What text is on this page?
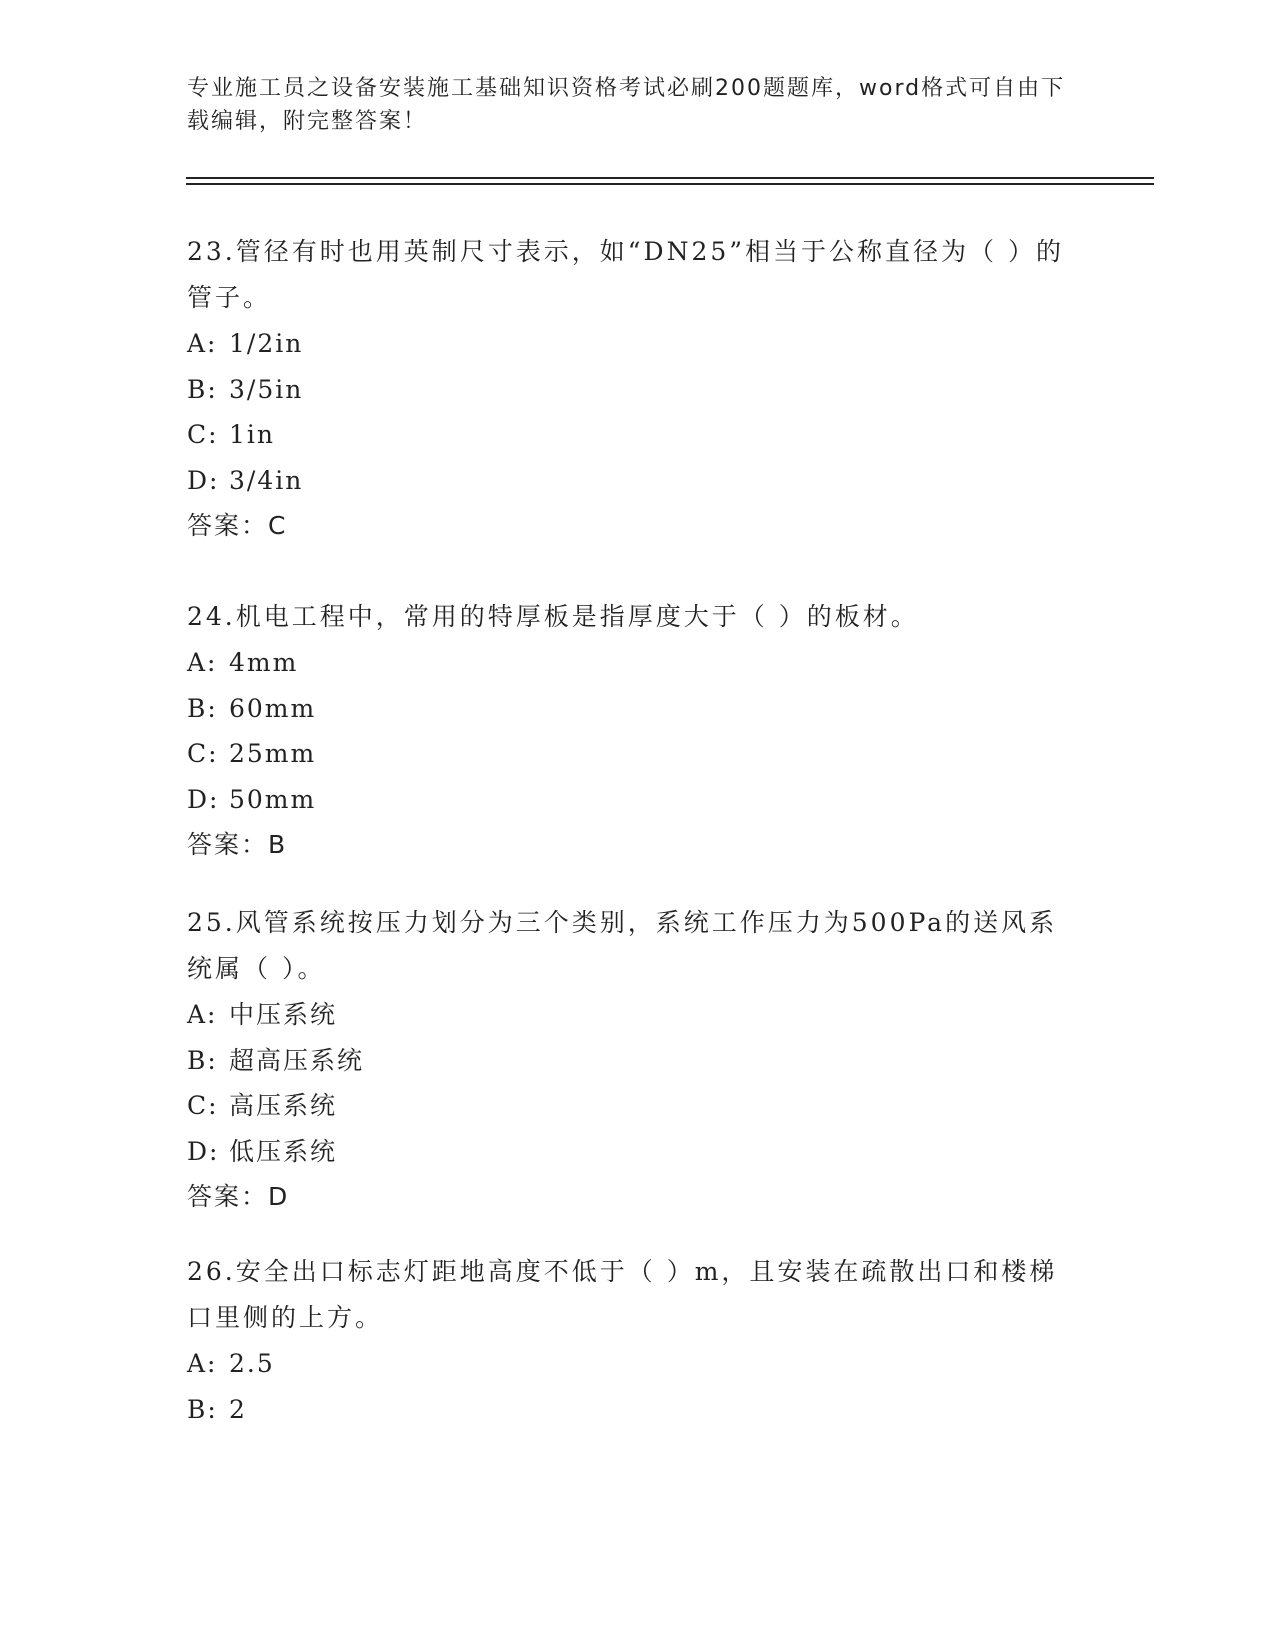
专业施工员之设备安装施工基础知识资格考试必刷200题题库，word格式可自由下载编辑，附完整答案！
23.管径有时也用英制尺寸表示，如“DN25”相当于公称直径为（ ）的管子。
A: 1/2in
B: 3/5in
C: 1in
D: 3/4in
答案：C
24.机电工程中，常用的特厚板是指厚度大于（ ）的板材。
A: 4mm
B: 60mm
C: 25mm
D: 50mm
答案：B
25.风管系统按压力划分为三个类别，系统工作压力为500Pa的送风系统属（ ）。
A: 中压系统
B: 超高压系统
C: 高压系统
D: 低压系统
答案：D
26.安全出口标志灯距地高度不低于（ ）m，且安装在疏散出口和楼梯口里侧的上方。
A: 2.5
B: 2
